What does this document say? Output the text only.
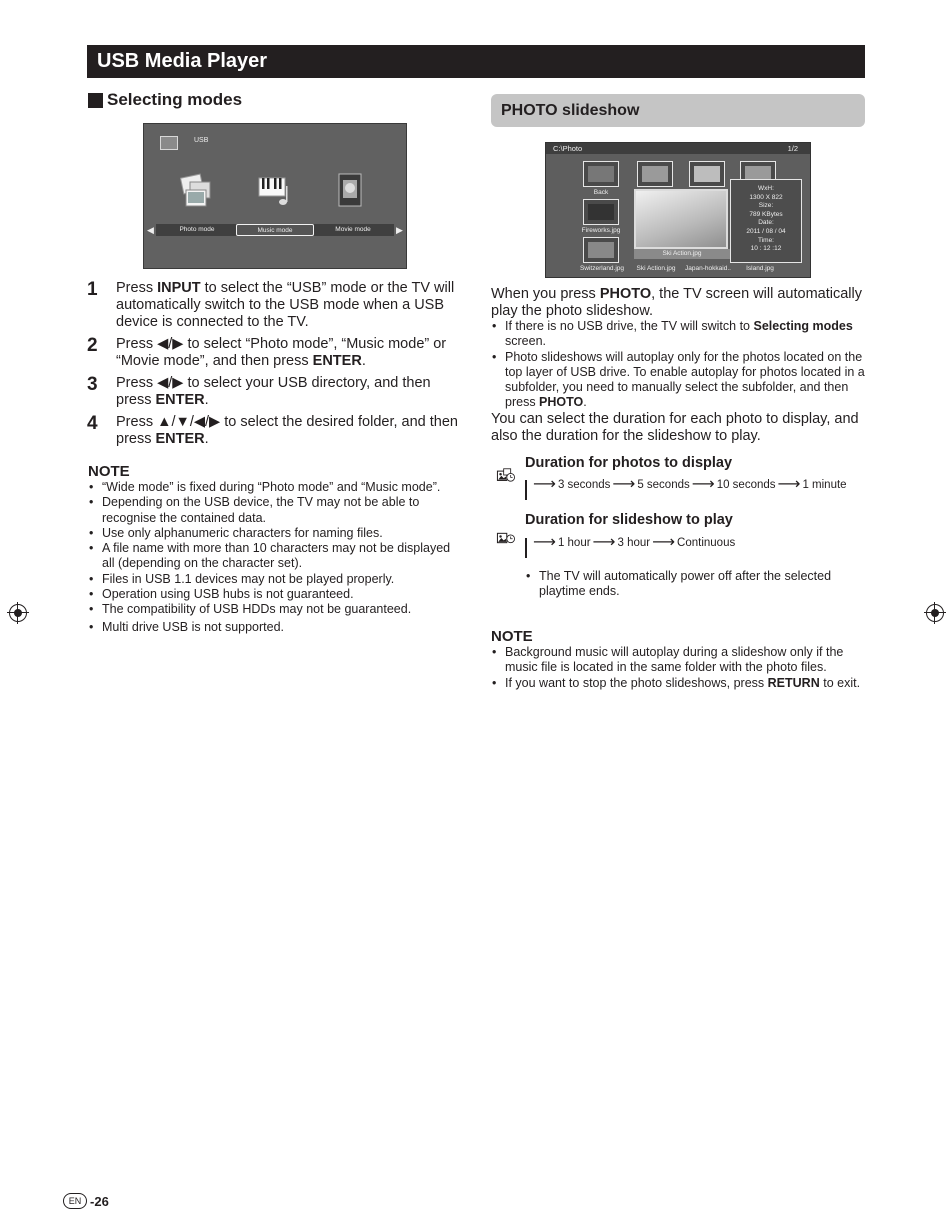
USB Media Player
Selecting modes
USB
◀	▶
Photo mode	Music mode	Movie mode
1	Press INPUT to select the “USB” mode or the TV will automatically switch to the USB mode when a USB device is connected to the TV.
2	Press ◀/▶ to select “Photo mode”, “Music mode” or “Movie mode”, and then press ENTER.
3	Press ◀/▶ to select your USB directory, and then press ENTER.
4	Press ▲/▼/◀/▶ to select the desired folder, and then press ENTER.
NOTE
• “Wide mode” is fixed during “Photo mode” and “Music mode”.
• Depending on the USB device, the TV may not be able to recognise the contained data.
• Use only alphanumeric characters for naming files.
• A file name with more than 10 characters may not be displayed all (depending on the character set).
• Files in USB 1.1 devices may not be played properly.
• Operation using USB hubs is not guaranteed.
• The compatibility of USB HDDs may not be guaranteed.
• Multi drive USB is not supported.
PHOTO slideshow
C:\Photo	1/2
Back
Fireworks.jpg
Ski Action.jpg
Switzerland.jpg	Ski Action.jpg	Japan-hokkaid..	Island.jpg
WxH:
1300 X 822
Size:
789 KBytes
Date:
2011 / 08 / 04
Time:
10 : 12 :12
When you press PHOTO, the TV screen will automatically play the photo slideshow.
• If there is no USB drive, the TV will switch to Selecting modes screen.
• Photo slideshows will autoplay only for the photos located on the top layer of USB drive. To enable autoplay for photos located in a subfolder, you need to manually select the subfolder, and then press PHOTO.
You can select the duration for each photo to display, and also the duration for the slideshow to play.
Duration for photos to display
⟶ 3 seconds ⟶ 5 seconds ⟶ 10 seconds ⟶ 1 minute
Duration for slideshow to play
⟶ 1 hour ⟶ 3 hour ⟶ Continuous
• The TV will automatically power off after the selected playtime ends.
NOTE
• Background music will autoplay during a slideshow only if the music file is located in the same folder with the photo files.
• If you want to stop the photo slideshows, press RETURN to exit.
EN - 26
